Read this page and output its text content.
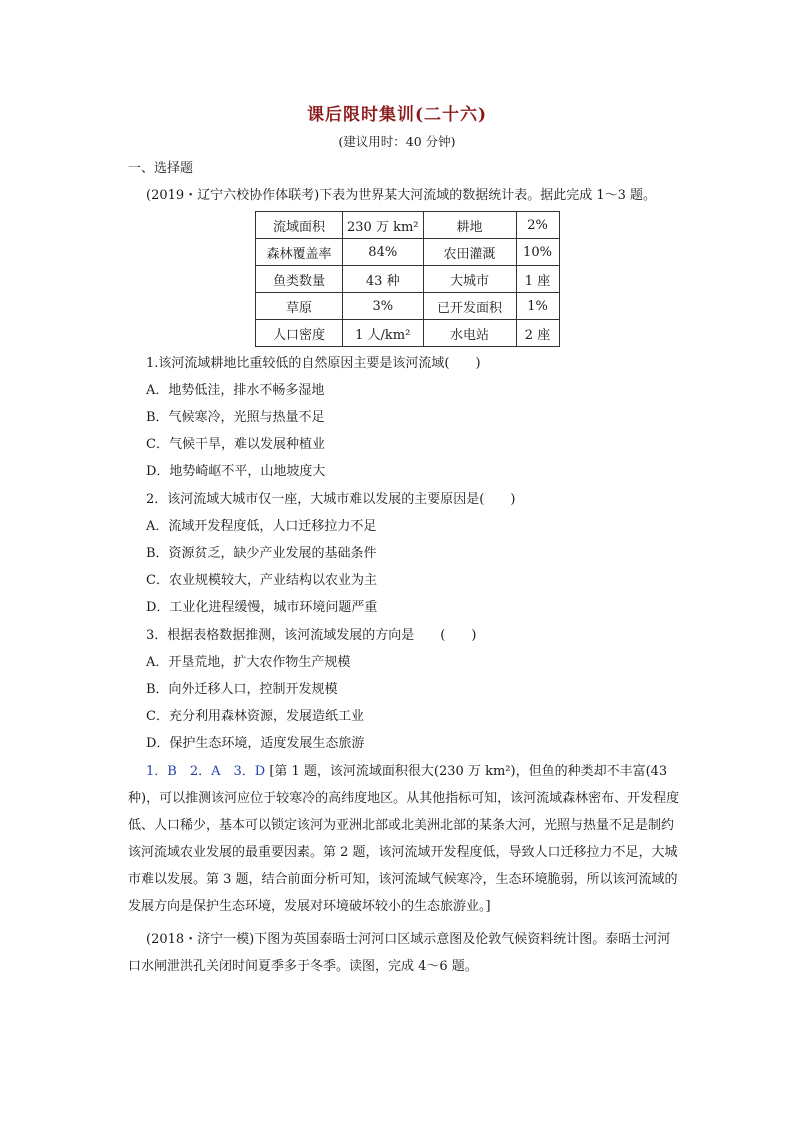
课后限时集训(二十六)
(建议用时：40 分钟)
一、选择题
(2019・辽宁六校协作体联考)下表为世界某大河流域的数据统计表。据此完成 1～3 题。
流域面积	230 万 km²	耕地	2%
森林覆盖率	84%	农田灌溉	10%
鱼类数量	43 种	大城市	1 座
草原	3%	已开发面积	1%
人口密度	1 人/km²	水电站	2 座
1.该河流域耕地比重较低的自然原因主要是该河流域(　　)
A．地势低洼，排水不畅多湿地
B．气候寒冷，光照与热量不足
C．气候干旱，难以发展种植业
D．地势崎岖不平，山地坡度大
2．该河流域大城市仅一座，大城市难以发展的主要原因是(　　)
A．流域开发程度低，人口迁移拉力不足
B．资源贫乏，缺少产业发展的基础条件
C．农业规模较大，产业结构以农业为主
D．工业化进程缓慢，城市环境问题严重
3．根据表格数据推测，该河流域发展的方向是　　(　　)
A．开垦荒地，扩大农作物生产规模
B．向外迁移人口，控制开发规模
C．充分利用森林资源，发展造纸工业
D．保护生态环境，适度发展生态旅游
1．B　2．A　3．D [第 1 题，该河流域面积很大(230 万 km²)，但鱼的种类却不丰富(43 种)，可以推测该河应位于较寒冷的高纬度地区。从其他指标可知，该河流域森林密布、开发程度低、人口稀少，基本可以锁定该河为亚洲北部或北美洲北部的某条大河，光照与热量不足是制约该河流域农业发展的最重要因素。第 2 题，该河流域开发程度低，导致人口迁移拉力不足，大城市难以发展。第 3 题，结合前面分析可知，该河流域气候寒冷，生态环境脆弱，所以该河流域的发展方向是保护生态环境，发展对环境破坏较小的生态旅游业。]
(2018・济宁一模)下图为英国泰晤士河河口区域示意图及伦敦气候资料统计图。泰晤士河河口水闸泄洪孔关闭时间夏季多于冬季。读图，完成 4～6 题。
